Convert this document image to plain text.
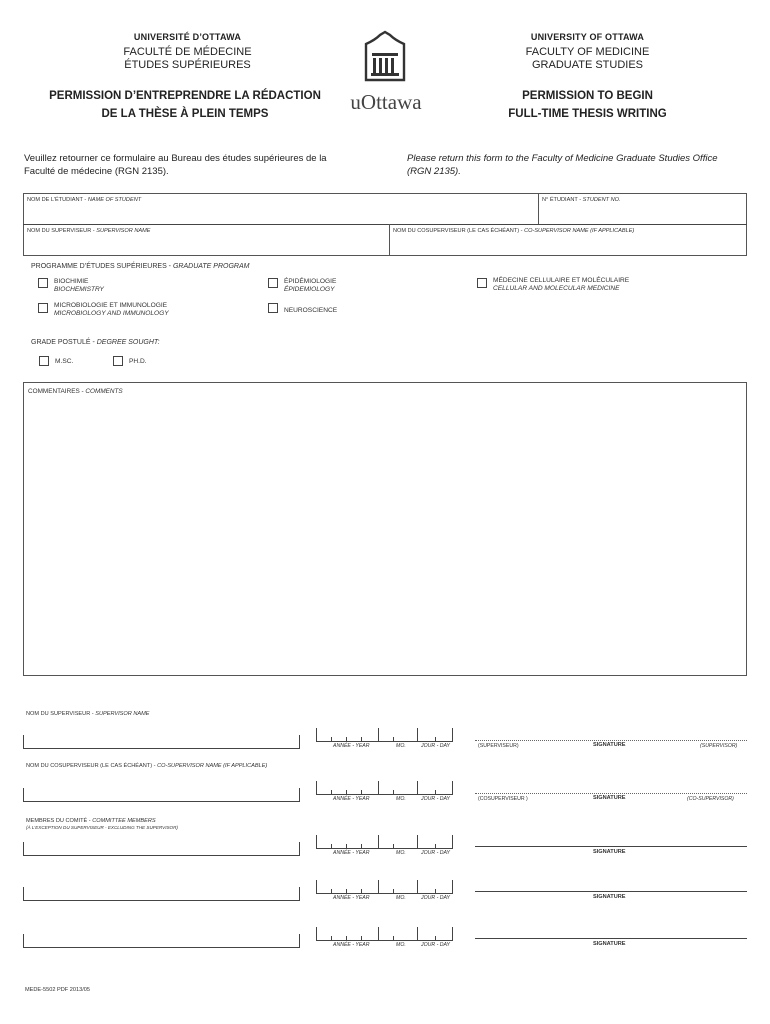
UNIVERSITÉ D’OTTAWA
FACULTÉ DE MÉDECINE
ÉTUDES SUPÉRIEURES
UNIVERSITY OF OTTAWA
FACULTY OF MEDICINE
GRADUATE STUDIES
uOttawa
PERMISSION D’ENTREPRENDRE LA RÉDACTION
DE LA THÈSE À PLEIN TEMPS
PERMISSION TO BEGIN
FULL-TIME THESIS WRITING
Veuillez retourner ce formulaire au Bureau des études supérieures de la
Faculté de médecine (RGN 2135).
Please return this form to the Faculty of Medicine Graduate Studies Office
(RGN 2135).
NOM DE L’ÉTUDIANT - NAME OF STUDENT	N° ÉTUDIANT - STUDENT NO.
NOM DU SUPERVISEUR - SUPERVISOR NAME	NOM DU COSUPERVISEUR (LE CAS ÉCHÉANT) - CO-SUPERVISOR NAME (IF APPLICABLE)
PROGRAMME D’ÉTUDES SUPÉRIEURES - GRADUATE PROGRAM
BIOCHIMIE
BIOCHEMISTRY
MICROBIOLOGIE ET IMMUNOLOGIE
MICROBIOLOGY AND IMMUNOLOGY
ÉPIDÉMIOLOGIE
ÉPIDEMIOLOGY
NEUROSCIENCE
MÉDECINE CELLULAIRE ET MOLÉCULAIRE
CELLULAR AND MOLECULAR MEDICINE
GRADE POSTULÉ - DEGREE SOUGHT:
M.SC.	PH.D.
COMMENTAIRES - COMMENTS
NOM DU SUPERVISEUR - SUPERVISOR NAME
NOM DU COSUPERVISEUR (LE CAS ÉCHÉANT) - CO-SUPERVISOR NAME (IF APPLICABLE)
MEMBRES DU COMITÉ - COMMITTEE MEMBERS
(À L’EXCEPTION DU SUPERVISEUR - EXCLUDING THE SUPERVISOR)
ANNÉE - YEAR	MO.	JOUR - DAY	(SUPERVISEUR)	SIGNATURE	(SUPERVISOR)
ANNÉE - YEAR	MO.	JOUR - DAY	(COSUPERVISEUR )	SIGNATURE	(CO-SUPERVISOR)
ANNÉE - YEAR	MO.	JOUR - DAY	SIGNATURE
ANNÉE - YEAR	MO.	JOUR - DAY	SIGNATURE
ANNÉE - YEAR	MO.	JOUR - DAY	SIGNATURE
MEDE-5502 PDF 2013/05
